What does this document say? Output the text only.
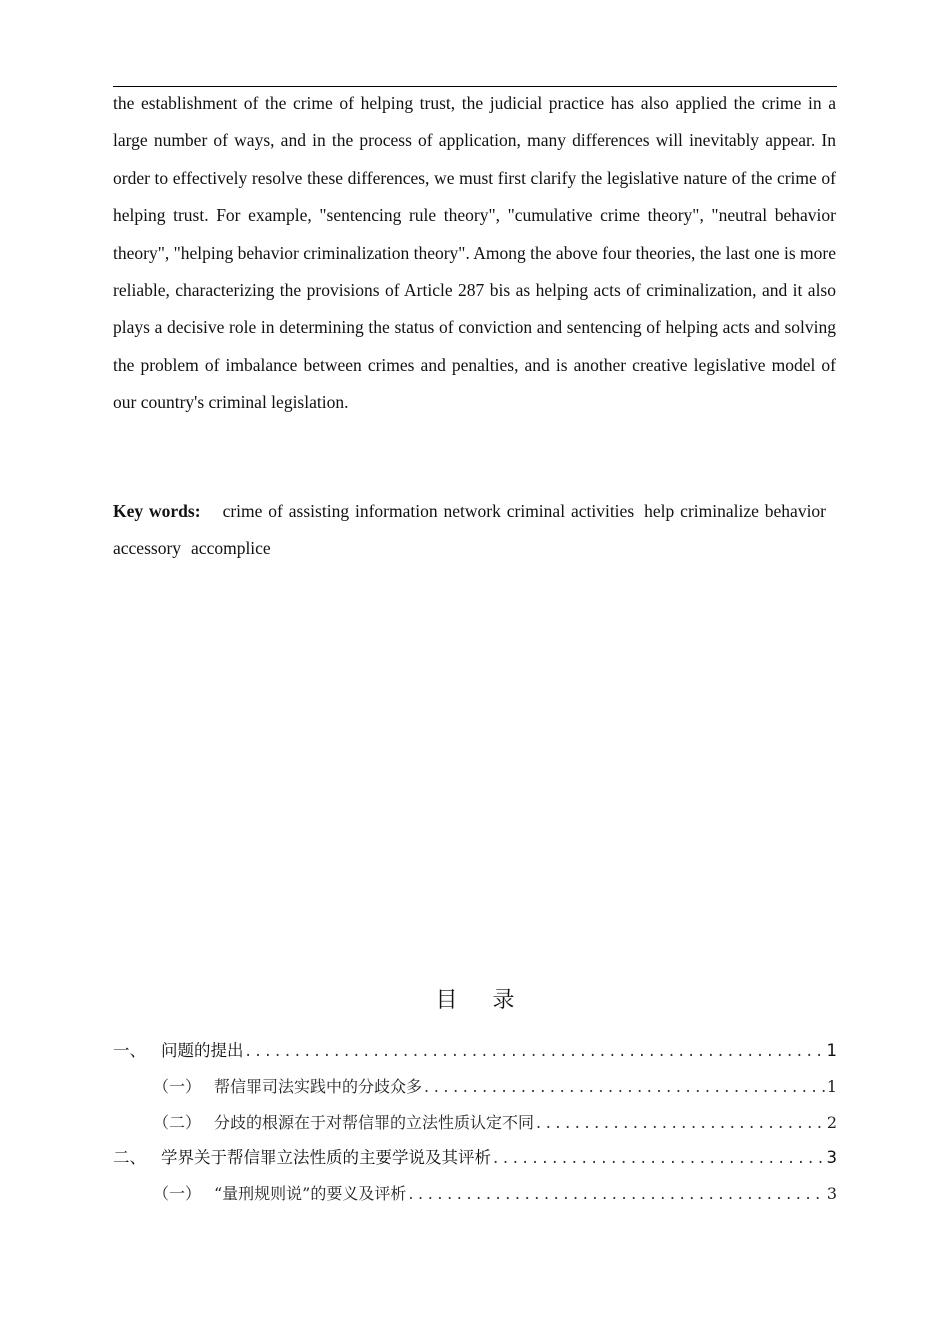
the establishment of the crime of helping trust, the judicial practice has also applied the crime in a large number of ways, and in the process of application, many differences will inevitably appear. In order to effectively resolve these differences, we must first clarify the legislative nature of the crime of helping trust. For example, "sentencing rule theory", "cumulative crime theory", "neutral behavior theory", "helping behavior criminalization theory". Among the above four theories, the last one is more reliable, characterizing the provisions of Article 287 bis as helping acts of criminalization, and it also plays a decisive role in determining the status of conviction and sentencing of helping acts and solving the problem of imbalance between crimes and penalties, and is another creative legislative model of our country's criminal legislation.

Key words: crime of assisting information network criminal activities help criminalize behavioraccessory accomplice

目 录
一、 问题的提出 .....	1
（一） 帮信罪司法实践中的分歧众多 .....	1
（二） 分歧的根源在于对帮信罪的立法性质认定不同 .....	2
二、 学界关于帮信罪立法性质的主要学说及其评析 .....	3
（一） “量刑规则说”的要义及评析 .....	3
